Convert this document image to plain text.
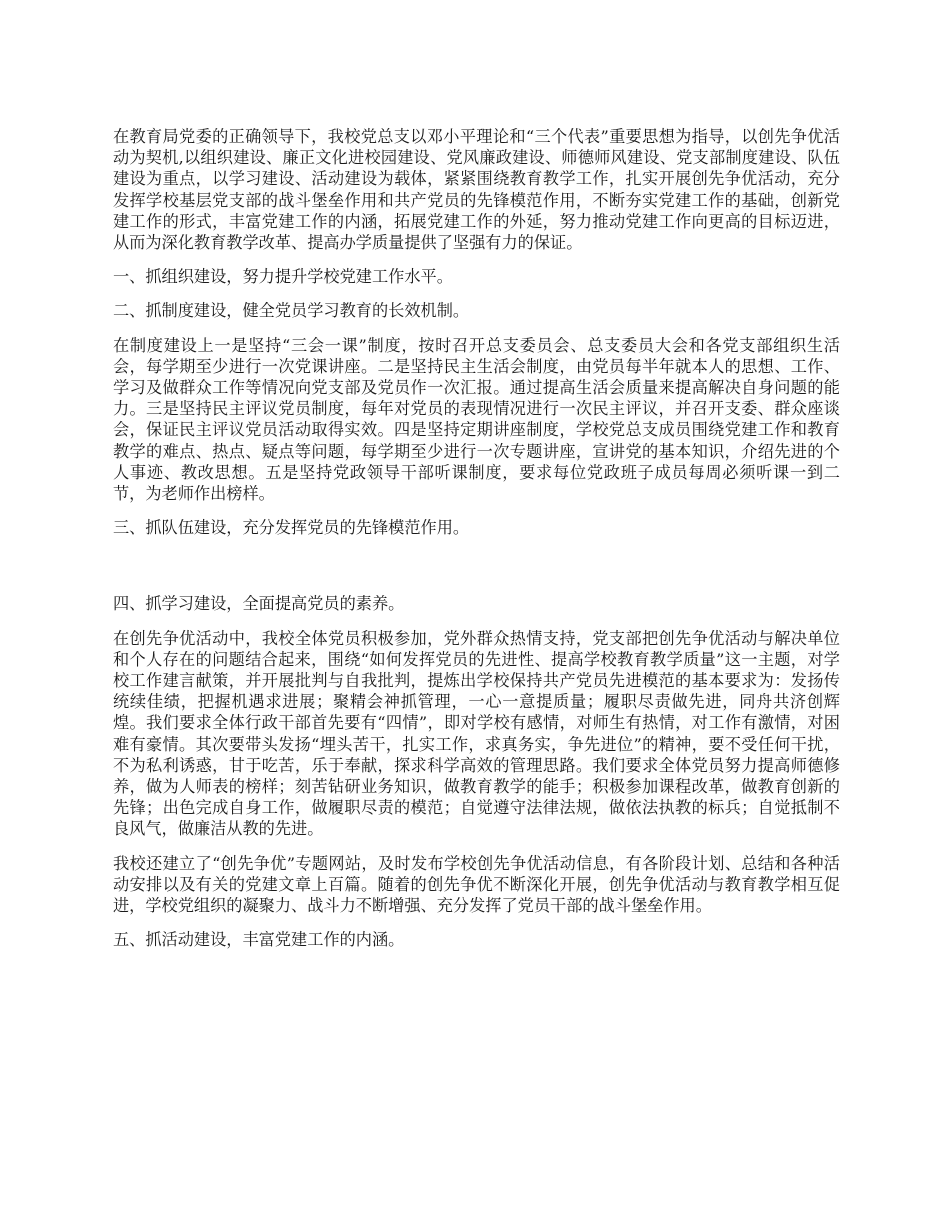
在教育局党委的正确领导下，我校党总支以邓小平理论和“三个代表”重要思想为指导，以创先争优活动为契机,以组织建设、廉正文化进校园建设、党风廉政建设、师德师风建设、党支部制度建设、队伍建设为重点，以学习建设、活动建设为载体，紧紧围绕教育教学工作，扎实开展创先争优活动，充分发挥学校基层党支部的战斗堡垒作用和共产党员的先锋模范作用，不断夯实党建工作的基础，创新党建工作的形式，丰富党建工作的内涵，拓展党建工作的外延，努力推动党建工作向更高的目标迈进，从而为深化教育教学改革、提高办学质量提供了坚强有力的保证。

一、抓组织建设，努力提升学校党建工作水平。

二、抓制度建设，健全党员学习教育的长效机制。

在制度建设上一是坚持“三会一课”制度，按时召开总支委员会、总支委员大会和各党支部组织生活会，每学期至少进行一次党课讲座。二是坚持民主生活会制度，由党员每半年就本人的思想、工作、学习及做群众工作等情况向党支部及党员作一次汇报。通过提高生活会质量来提高解决自身问题的能力。三是坚持民主评议党员制度，每年对党员的表现情况进行一次民主评议，并召开支委、群众座谈会，保证民主评议党员活动取得实效。四是坚持定期讲座制度，学校党总支成员围绕党建工作和教育教学的难点、热点、疑点等问题，每学期至少进行一次专题讲座，宣讲党的基本知识，介绍先进的个人事迹、教改思想。五是坚持党政领导干部听课制度，要求每位党政班子成员每周必须听课一到二节，为老师作出榜样。

三、抓队伍建设，充分发挥党员的先锋模范作用。

四、抓学习建设，全面提高党员的素养。

在创先争优活动中，我校全体党员积极参加，党外群众热情支持，党支部把创先争优活动与解决单位和个人存在的问题结合起来，围绕“如何发挥党员的先进性、提高学校教育教学质量”这一主题，对学校工作建言献策，并开展批判与自我批判，提炼出学校保持共产党员先进模范的基本要求为：发扬传统续佳绩，把握机遇求进展；聚精会神抓管理，一心一意提质量；履职尽责做先进，同舟共济创辉煌。我们要求全体行政干部首先要有“四情”，即对学校有感情，对师生有热情，对工作有激情，对困难有豪情。其次要带头发扬“埋头苦干，扎实工作，求真务实，争先进位”的精神，要不受任何干扰，不为私利诱惑，甘于吃苦，乐于奉献，探求科学高效的管理思路。我们要求全体党员努力提高师德修养，做为人师表的榜样；刻苦钻研业务知识，做教育教学的能手；积极参加课程改革，做教育创新的先锋；出色完成自身工作，做履职尽责的模范；自觉遵守法律法规，做依法执教的标兵；自觉抵制不良风气，做廉洁从教的先进。

我校还建立了“创先争优”专题网站，及时发布学校创先争优活动信息，有各阶段计划、总结和各种活动安排以及有关的党建文章上百篇。随着的创先争优不断深化开展，创先争优活动与教育教学相互促进，学校党组织的凝聚力、战斗力不断增强、充分发挥了党员干部的战斗堡垒作用。

五、抓活动建设，丰富党建工作的内涵。
